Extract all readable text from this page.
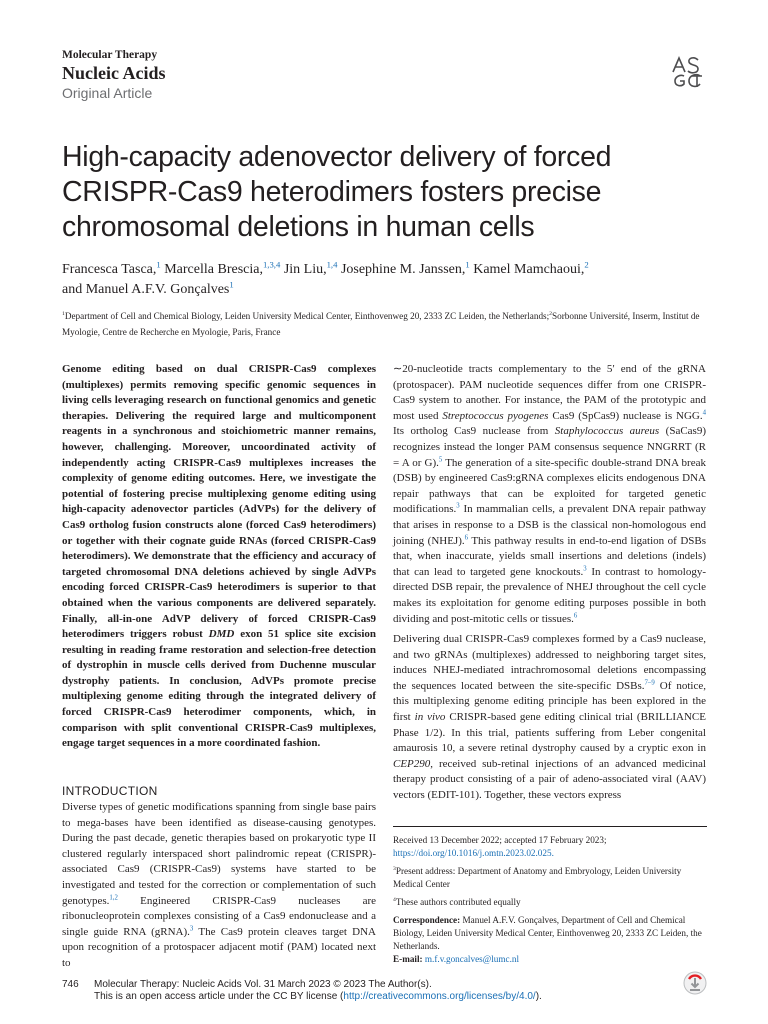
Molecular Therapy
Nucleic Acids
Original Article
High-capacity adenovector delivery of forced CRISPR-Cas9 heterodimers fosters precise chromosomal deletions in human cells
Francesca Tasca,$^1$ Marcella Brescia,$^{1,3,4}$ Jin Liu,$^{1,4}$ Josephine M. Janssen,$^1$ Kamel Mamchaoui,$^2$
and Manuel A.F.V. Gonçalves$^1$
$^1$Department of Cell and Chemical Biology, Leiden University Medical Center, Einthovenweg 20, 2333 ZC Leiden, the Netherlands;$^2$Sorbonne Université, Inserm, Institut de Myologie, Centre de Recherche en Myologie, Paris, France
Genome editing based on dual CRISPR-Cas9 complexes (multiplexes) permits removing specific genomic sequences in living cells leveraging research on functional genomics and genetic therapies. Delivering the required large and multicomponent reagents in a synchronous and stoichiometric manner remains, however, challenging. Moreover, uncoordinated activity of independently acting CRISPR-Cas9 multiplexes increases the complexity of genome editing outcomes. Here, we investigate the potential of fostering precise multiplexing genome editing using high-capacity adenovector particles (AdVPs) for the delivery of Cas9 ortholog fusion constructs alone (forced Cas9 heterodimers) or together with their cognate guide RNAs (forced CRISPR-Cas9 heterodimers). We demonstrate that the efficiency and accuracy of targeted chromosomal DNA deletions achieved by single AdVPs encoding forced CRISPR-Cas9 heterodimers is superior to that obtained when the various components are delivered separately. Finally, all-in-one AdVP delivery of forced CRISPR-Cas9 heterodimers triggers robust DMD exon 51 splice site excision resulting in reading frame restoration and selection-free detection of dystrophin in muscle cells derived from Duchenne muscular dystrophy patients. In conclusion, AdVPs promote precise multiplexing genome editing through the integrated delivery of forced CRISPR-Cas9 heterodimer components, which, in comparison with split conventional CRISPR-Cas9 multiplexes, engage target sequences in a more coordinated fashion.
INTRODUCTION
Diverse types of genetic modifications spanning from single base pairs to mega-bases have been identified as disease-causing genotypes. During the past decade, genetic therapies based on prokaryotic type II clustered regularly interspaced short palindromic repeat (CRISPR)-associated Cas9 (CRISPR-Cas9) systems have started to be investigated and tested for the correction or complementation of such genotypes.$^{1,2}$ Engineered CRISPR-Cas9 nucleases are ribonucleoprotein complexes consisting of a Cas9 endonuclease and a single guide RNA (gRNA).$^3$ The Cas9 protein cleaves target DNA upon recognition of a protospacer adjacent motif (PAM) located next to
∼20-nucleotide tracts complementary to the 5′ end of the gRNA (protospacer). PAM nucleotide sequences differ from one CRISPR-Cas9 system to another. For instance, the PAM of the prototypic and most used Streptococcus pyogenes Cas9 (SpCas9) nuclease is NGG.$^4$ Its ortholog Cas9 nuclease from Staphylococcus aureus (SaCas9) recognizes instead the longer PAM consensus sequence NNGRRT (R = A or G).$^5$ The generation of a site-specific double-strand DNA break (DSB) by engineered Cas9:gRNA complexes elicits endogenous DNA repair pathways that can be exploited for targeted genetic modifications.$^3$ In mammalian cells, a prevalent DNA repair pathway that arises in response to a DSB is the classical non-homologous end joining (NHEJ).$^6$ This pathway results in end-to-end ligation of DSBs that, when inaccurate, yields small insertions and deletions (indels) that can lead to targeted gene knockouts.$^3$ In contrast to homology-directed DSB repair, the prevalence of NHEJ throughout the cell cycle makes its exploitation for genome editing purposes possible in both dividing and post-mitotic cells or tissues.$^6$
Delivering dual CRISPR-Cas9 complexes formed by a Cas9 nuclease, and two gRNAs (multiplexes) addressed to neighboring target sites, induces NHEJ-mediated intrachromosomal deletions encompassing the sequences located between the site-specific DSBs.$^{7-9}$ Of notice, this multiplexing genome editing principle has been explored in the first in vivo CRISPR-based gene editing clinical trial (BRILLIANCE Phase 1/2). In this trial, patients suffering from Leber congenital amaurosis 10, a severe retinal dystrophy caused by a cryptic exon in CEP290, received sub-retinal injections of an advanced medicinal therapy product consisting of a pair of adeno-associated viral (AAV) vectors (EDIT-101). Together, these vectors express

Received 13 December 2022; accepted 17 February 2023;
https://doi.org/10.1016/j.omtn.2023.02.025.

$^3$Present address: Department of Anatomy and Embryology, Leiden University Medical Center

$^4$These authors contributed equally

Correspondence: Manuel A.F.V. Gonçalves, Department of Cell and Chemical Biology, Leiden University Medical Center, Einthovenweg 20, 2333 ZC Leiden, the Netherlands.
E-mail: m.f.v.goncalves@lumc.nl

746 Molecular Therapy: Nucleic Acids Vol. 31 March 2023 © 2023 The Author(s).
This is an open access article under the CC BY license (http://creativecommons.org/licenses/by/4.0/).
